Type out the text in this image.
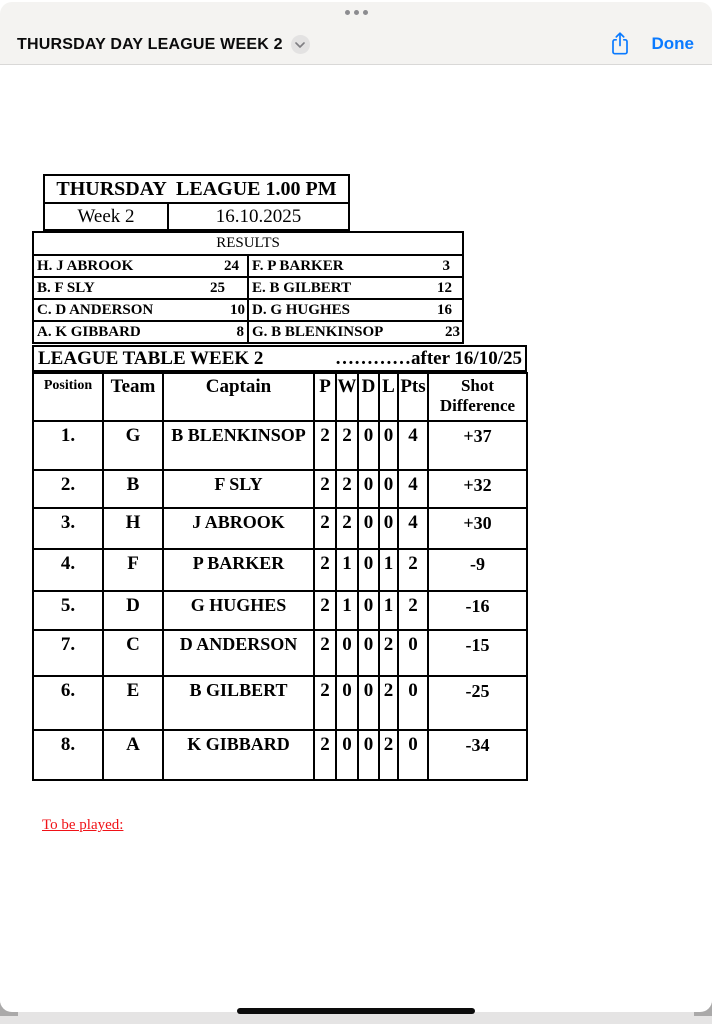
THURSDAY DAY LEAGUE WEEK 2	Done
THURSDAY  LEAGUE 1.00 PM
Week 2	16.10.2025
RESULTS	

H. J ABROOK 24	F. P BARKER 3

B. F SLY 25	E. B GILBERT 12

C. D ANDERSON 10	D. G HUGHES 16

A. K GIBBARD 8	G. B BLENKINSOP 23
LEAGUE TABLE WEEK 2	…………after 16/10/25
Position	Team	Captain	P	W	D	L	Pts	Shot Difference
1.	G	B BLENKINSOP	2	2	0	0	4	+37
2.	B	F SLY	2	2	0	0	4	+32
3.	H	J ABROOK	2	2	0	0	4	+30
4.	F	P BARKER	2	1	0	1	2	-9
5.	D	G HUGHES	2	1	0	1	2	-16
7.	C	D ANDERSON	2	0	0	2	0	-15
6.	E	B GILBERT	2	0	0	2	0	-25
8.	A	K GIBBARD	2	0	0	2	0	-34
To be played:
